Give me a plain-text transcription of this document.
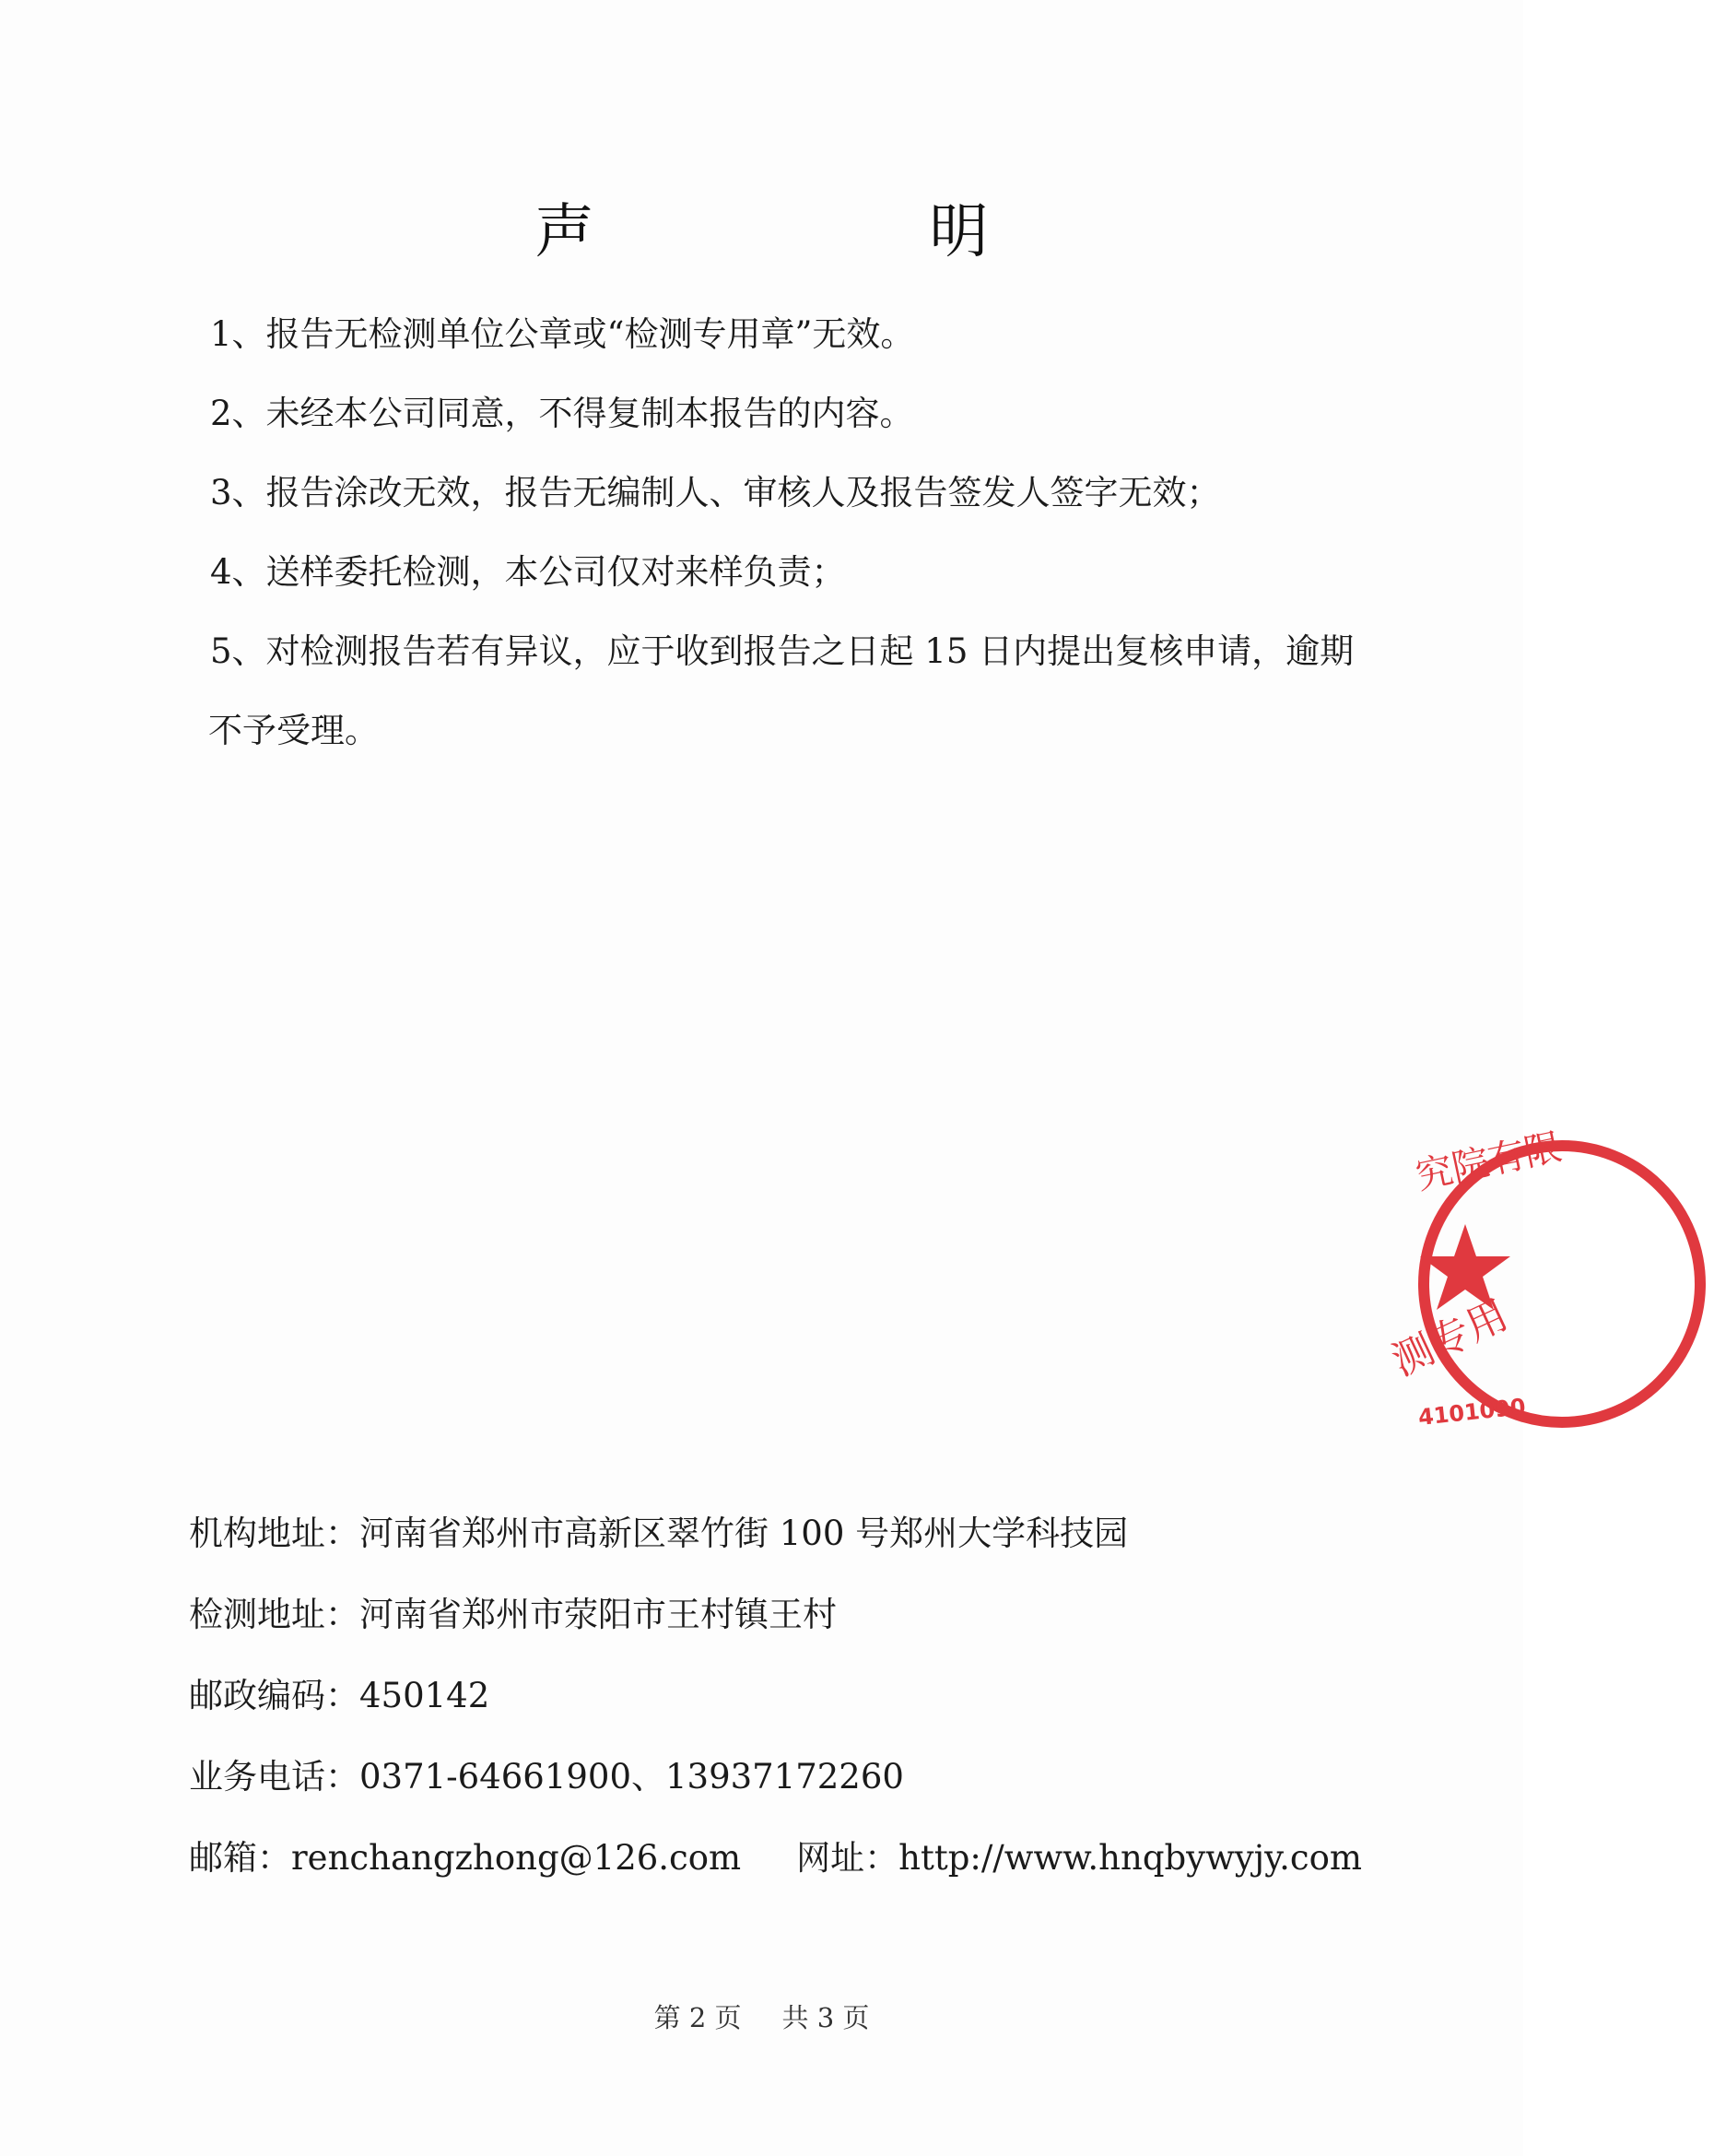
声　明

1、报告无检测单位公章或“检测专用章”无效。

2、未经本公司同意，不得复制本报告的内容。

3、报告涂改无效，报告无编制人、审核人及报告签发人签字无效；

4、送样委托检测，本公司仅对来样负责；

5、对检测报告若有异议，应于收到报告之日起 15 日内提出复核申请，逾期

不予受理。

机构地址：河南省郑州市高新区翠竹街 100 号郑州大学科技园
检测地址：河南省郑州市荥阳市王村镇王村
邮政编码：450142
业务电话：0371-64661900、13937172260
邮箱：renchangzhong@126.com 网址：http://www.hnqbywyjy.com
第 2 页 共 3 页
究院有限
测专用
4101090
